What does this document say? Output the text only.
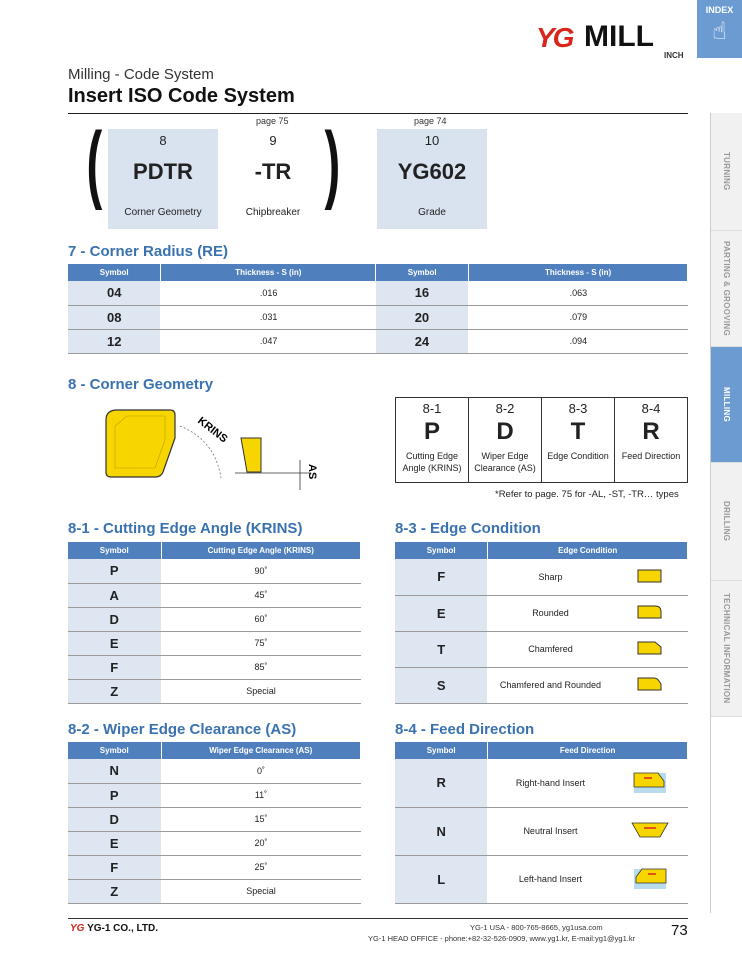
YG MILL
INCH
INDEX
☝
Milling - Code System
Insert ISO Code System
TURNING
PARTING & GROOVING
MILLING
DRILLING
TECHNICAL INFORMATION
(	)
page 75	page 74
8
PDTR
Corner Geometry
9
-TR
Chipbreaker
10
YG602
Grade
7 - Corner Radius (RE)
Symbol	Thickness - S (in)	Symbol	Thickness - S (in)
04	.016	16	.063
08	.031	20	.079
12	.047	24	.094
8 - Corner Geometry
KRINS
AS
8-1
P
Cutting Edge Angle (KRINS)
8-2
D
Wiper Edge Clearance (AS)
8-3
T
Edge Condition
8-4
R
Feed Direction
*Refer to page. 75 for -AL, -ST, -TR… types
8-1 - Cutting Edge Angle (KRINS)
Symbol	Cutting Edge Angle (KRINS)
P	90˚
A	45˚
D	60˚
E	75˚
F	85˚
Z	Special
8-2 - Wiper Edge Clearance (AS)
Symbol	Wiper Edge Clearance (AS)
N	0˚
P	11˚
D	15˚
E	20˚
F	25˚
Z	Special
8-3 - Edge Condition
Symbol	Edge Condition	
F	Sharp	
E	Rounded	
T	Chamfered	
S	Chamfered and Rounded	
8-4 - Feed Direction
Symbol	Feed Direction	
R	Right-hand Insert	
N	Neutral Insert	
L	Left-hand Insert	
YG YG-1 CO., LTD.	YG-1 USA - 800-765-8665, yg1usa.com
YG-1 HEAD OFFICE - phone:+82-32-526-0909, www.yg1.kr, E-mail:yg1@yg1.kr 73
